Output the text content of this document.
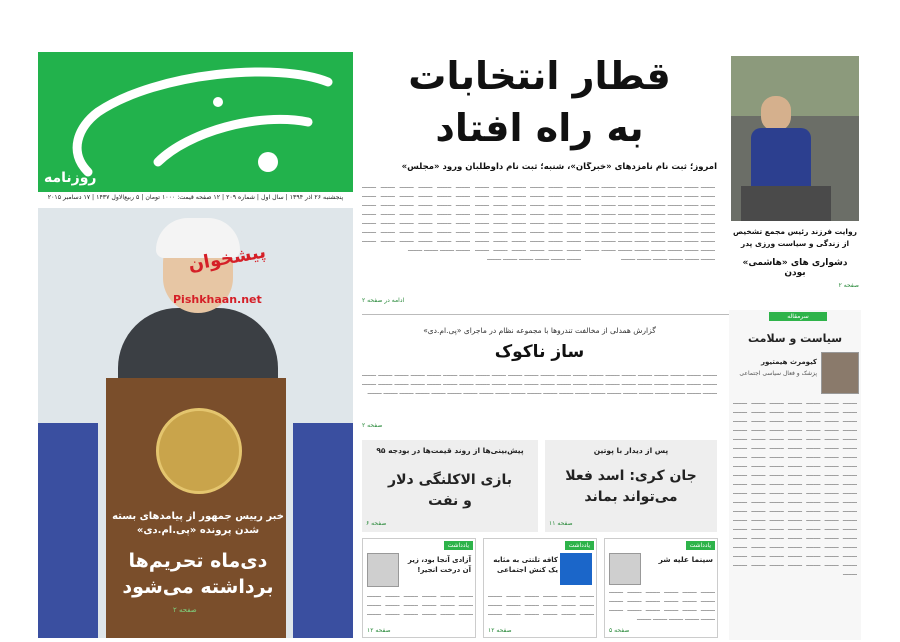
روزنامه
پنجشنبه ۲۶ آذر ۱۳۹۴ | سال اول | شماره ۲۰۹ | ۱۲ صفحه قیمت: ۱۰۰۰ تومان | ۵ ربیع‌الاول ۱۴۳۷ | ۱۷ دسامبر ۲۰۱۵
پیشخوان
Pishkhaan.net
خبر رییس جمهور از پیامدهای بسته شدن پرونده «پی.ام.دی»
دی‌ماه تحریم‌ها برداشته می‌شود
صفحه ۲
قطار انتخابات
به راه افتاد
امروز؛ ثبت نام نامزدهای «خبرگان»، شنبه؛ ثبت نام داوطلبان ورود «مجلس»
ــــــــ ــــــــ ــــــــ ــــــــ ــــــــ ــــــــ ــــــــ ــــــــ ــــــــ ــــــــ ــــــــ ــــــــ ــــــــ ــــــــ ــــــــ ــــــــ ــــــــ ــــــــ ــــــــ ــــــــ ــــــــ ــــــــ ــــــــ ــــــــ ــــــــ ــــــــ ــــــــ ــــــــ ــــــــ ــــــــ ــــــــ ــــــــ ــــــــ ــــــــ ــــــــ ــــــــ ــــــــ ــــــــ ــــــــ ــــــــ ــــــــ ــــــــ ــــــــ ــــــــ ــــــــ ــــــــ ــــــــ ــــــــ ــــــــ ــــــــ ــــــــ ــــــــ ــــــــ ــــــــ ــــــــ ــــــــ ــــــــ ــــــــ ــــــــ ــــــــ ــــــــ ــــــــ ــــــــ ــــــــ ــــــــ ــــــــ ــــــــ ــــــــ ــــــــ ــــــــ
ــــــــ ــــــــ ــــــــ ــــــــ ــــــــ ــــــــ ــــــــ ــــــــ ــــــــ ــــــــ ــــــــ ــــــــ ــــــــ ــــــــ ــــــــ ــــــــ ــــــــ ــــــــ ــــــــ ــــــــ ــــــــ ــــــــ ــــــــ ــــــــ ــــــــ ــــــــ ــــــــ ــــــــ ــــــــ ــــــــ ــــــــ ــــــــ ــــــــ ــــــــ ــــــــ ــــــــ ــــــــ ــــــــ ــــــــ ــــــــ ــــــــ ــــــــ ــــــــ ــــــــ ــــــــ ــــــــ ــــــــ ــــــــ ــــــــ ــــــــ ــــــــ ــــــــ ــــــــ ــــــــ
ــــــــ ــــــــ ــــــــ ــــــــ ــــــــ ــــــــ ــــــــ ــــــــ ــــــــ ــــــــ ــــــــ ــــــــ ــــــــ ــــــــ ــــــــ ــــــــ ــــــــ ــــــــ ــــــــ ــــــــ ــــــــ ــــــــ ــــــــ ــــــــ ــــــــ ــــــــ ــــــــ ــــــــ ــــــــ ــــــــ ــــــــ ــــــــ ــــــــ ــــــــ ــــــــ ــــــــ ــــــــ ــــــــ ــــــــ ــــــــ ــــــــ ــــــــ ــــــــ ــــــــ ــــــــ ــــــــ
ادامه در صفحه ۲
روایت فرزند رئیس مجمع تشخیص از زندگی و سیاست ورزی پدر
دشواری های «هاشمی» بودن
صفحه ۲
گزارش همدلی از مخالفت تندروها با مجموعه نظام در ماجرای «پی.ام.دی»
ساز ناکوک
ــــــــ ــــــــ ــــــــ ــــــــ ــــــــ ــــــــ ــــــــ ــــــــ ــــــــ ــــــــ ــــــــ ــــــــ ــــــــ ــــــــ ــــــــ ــــــــ ــــــــ ــــــــ ــــــــ ــــــــ ــــــــ ــــــــ ــــــــ ــــــــ ــــــــ ــــــــ ــــــــ ــــــــ ــــــــ ــــــــ ــــــــ ــــــــ ــــــــ ــــــــ ــــــــ ــــــــ ــــــــ ــــــــ ــــــــ ــــــــ ــــــــ ــــــــ ــــــــ ــــــــ ــــــــ ــــــــ ــــــــ ــــــــ ــــــــ ــــــــ ــــــــ ــــــــ ــــــــ ــــــــ ــــــــ ــــــــ ــــــــ ــــــــ ــــــــ ــــــــ ــــــــ ــــــــ ــــــــ ــــــــ ــــــــ ــــــــ
صفحه ۲
سرمقاله
سیاست و سلامت
کیومرث هیمتیور
پزشک و فعال سیاسی اجتماعی
ــــــــ ــــــــ ــــــــ ــــــــ ــــــــ ــــــــ ــــــــ ــــــــ ــــــــ ــــــــ ــــــــ ــــــــ ــــــــ ــــــــ ــــــــ ــــــــ ــــــــ ــــــــ ــــــــ ــــــــ ــــــــ ــــــــ ــــــــ ــــــــ ــــــــ ــــــــ ــــــــ ــــــــ ــــــــ ــــــــ ــــــــ ــــــــ ــــــــ ــــــــ ــــــــ ــــــــ ــــــــ ــــــــ ــــــــ ــــــــ ــــــــ ــــــــ ــــــــ ــــــــ ــــــــ ــــــــ ــــــــ ــــــــ ــــــــ ــــــــ ــــــــ ــــــــ ــــــــ ــــــــ ــــــــ ــــــــ ــــــــ ــــــــ ــــــــ ــــــــ ــــــــ ــــــــ ــــــــ ــــــــ ــــــــ ــــــــ ــــــــ ــــــــ ــــــــ ــــــــ ــــــــ ــــــــ ــــــــ ــــــــ ــــــــ ــــــــ ــــــــ ــــــــ ــــــــ ــــــــ ــــــــ ــــــــ ــــــــ ــــــــ ــــــــ ــــــــ ــــــــ ــــــــ ــــــــ ــــــــ ــــــــ ــــــــ ــــــــ ــــــــ ــــــــ ــــــــ ــــــــ ــــــــ ــــــــ ــــــــ ــــــــ ــــــــ ــــــــ ــــــــ ــــــــ ــــــــ ــــــــ ــــــــ ــــــــ ــــــــ ــــــــ ــــــــ ــــــــ ــــــــ ــــــــ ــــــــ ــــــــ ــــــــ ــــــــ ــــــــ ــــــــ ــــــــ ــــــــ ــــــــ ــــــــ ــــــــ ــــــــ ــــــــ ــــــــ ــــــــ ــــــــ ــــــــ ــــــــ ــــــــ
پس از دیدار با پوتین
جان کری: اسد فعلا می‌تواند بماند
صفحه ۱۱
پیش‌بینی‌ها از روند قیمت‌ها در بودجه ۹۵
بازی الاکلنگی دلار و نفت
صفحه ۶
یادداشت
سینما علیه شر
ــــــــ ــــــــ ــــــــ ــــــــ ــــــــ ــــــــ ــــــــ ــــــــ ــــــــ ــــــــ ــــــــ ــــــــ ــــــــ ــــــــ ــــــــ ــــــــ ــــــــ ــــــــ ــــــــ ــــــــ ــــــــ ــــــــ ــــــــ
صفحه ۵
یادداشت
کافه تلنتی به مثابه یک کنش اجتماعی
ــــــــ ــــــــ ــــــــ ــــــــ ــــــــ ــــــــ ــــــــ ــــــــ ــــــــ ــــــــ ــــــــ ــــــــ ــــــــ ــــــــ ــــــــ ــــــــ ــــــــ ــــــــ ــــــــ ــــــــ
صفحه ۱۲
یادداشت
آزادی آنجا بود، زیر آن درخت انجیر!
ــــــــ ــــــــ ــــــــ ــــــــ ــــــــ ــــــــ ــــــــ ــــــــ ــــــــ ــــــــ ــــــــ ــــــــ ــــــــ ــــــــ ــــــــ ــــــــ ــــــــ ــــــــ ــــــــ ــــــــ
صفحه ۱۲
